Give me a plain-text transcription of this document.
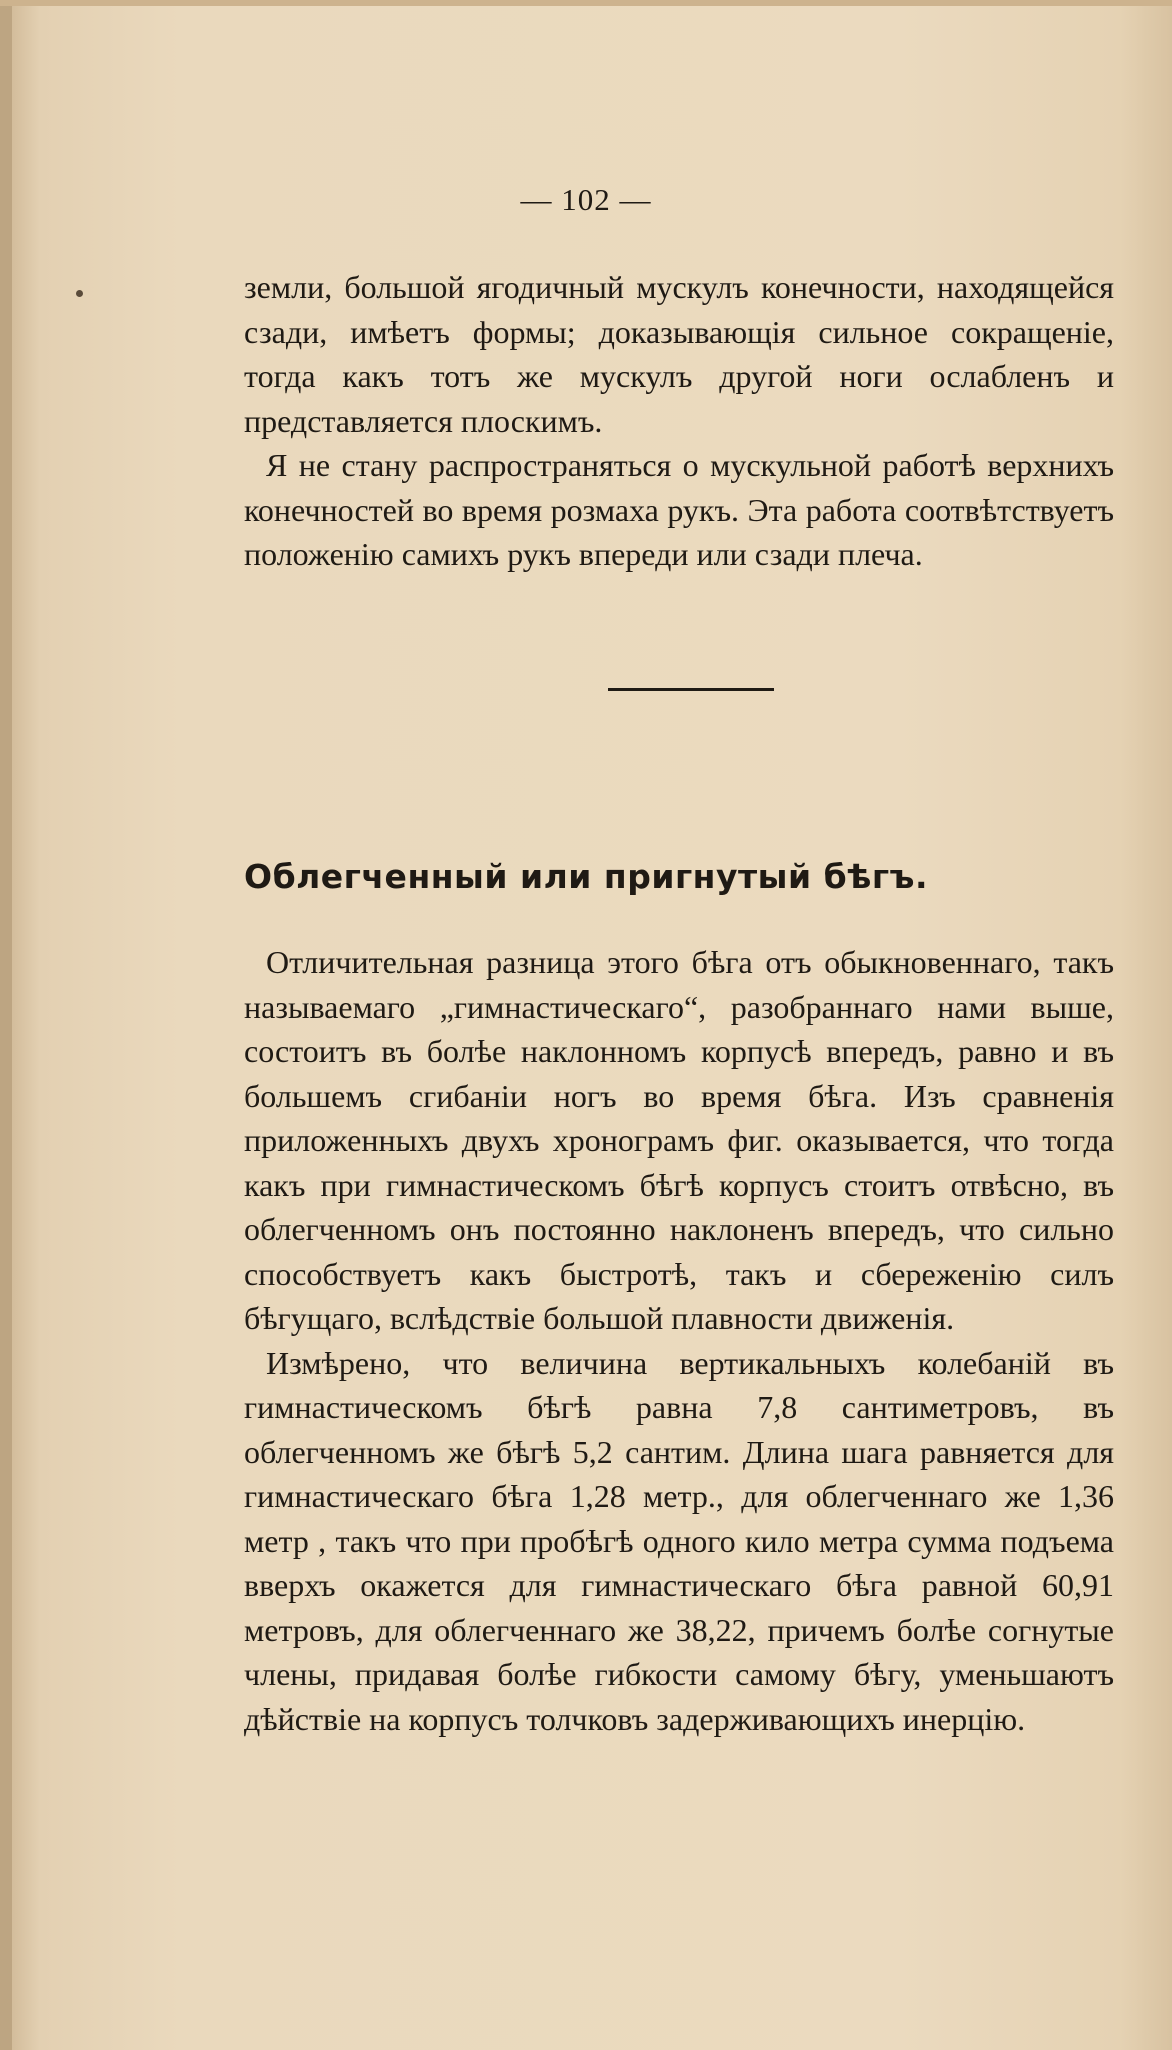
— 102 —

земли, большой ягодичный мускулъ конечности, находящейся сзади, имѣетъ формы; доказывающія сильное сокращеніе, тогда какъ тотъ же мускулъ другой ноги ослабленъ и представляется плоскимъ.

Я не стану распространяться о мускульной работѣ верхнихъ конечностей во время розмаха рукъ. Эта работа соотвѣтствуетъ положенію самихъ рукъ впереди или сзади плеча.

Облегченный или пригнутый бѣгъ.

Отличительная разница этого бѣга отъ обыкновеннаго, такъ называемаго „гимнастическаго“, разобраннаго нами выше, состоитъ въ болѣе наклонномъ корпусѣ впередъ, равно и въ большемъ сгибаніи ногъ во время бѣга. Изъ сравненія приложенныхъ двухъ хронограмъ фиг. оказывается, что тогда какъ при гимнастическомъ бѣгѣ корпусъ стоитъ отвѣсно, въ облегченномъ онъ постоянно наклоненъ впередъ, что сильно способствуетъ какъ быстротѣ, такъ и сбереженію силъ бѣгущаго, вслѣдствіе большой плавности движенія.

Измѣрено, что величина вертикальныхъ колебаній въ гимнастическомъ бѣгѣ равна 7,8 сантиметровъ, въ облегченномъ же бѣгѣ 5,2 сантим. Длина шага равняется для гимнастическаго бѣга 1,28 метр., для облегченнаго же 1,36 метр , такъ что при пробѣгѣ одного кило метра сумма подъема вверхъ окажется для гимнастическаго бѣга равной 60,91 метровъ, для облегченнаго же 38,22, причемъ болѣе согнутые члены, придавая болѣе гибкости самому бѣгу, уменьшаютъ дѣйствіе на корпусъ толчковъ задерживающихъ инерцію.
